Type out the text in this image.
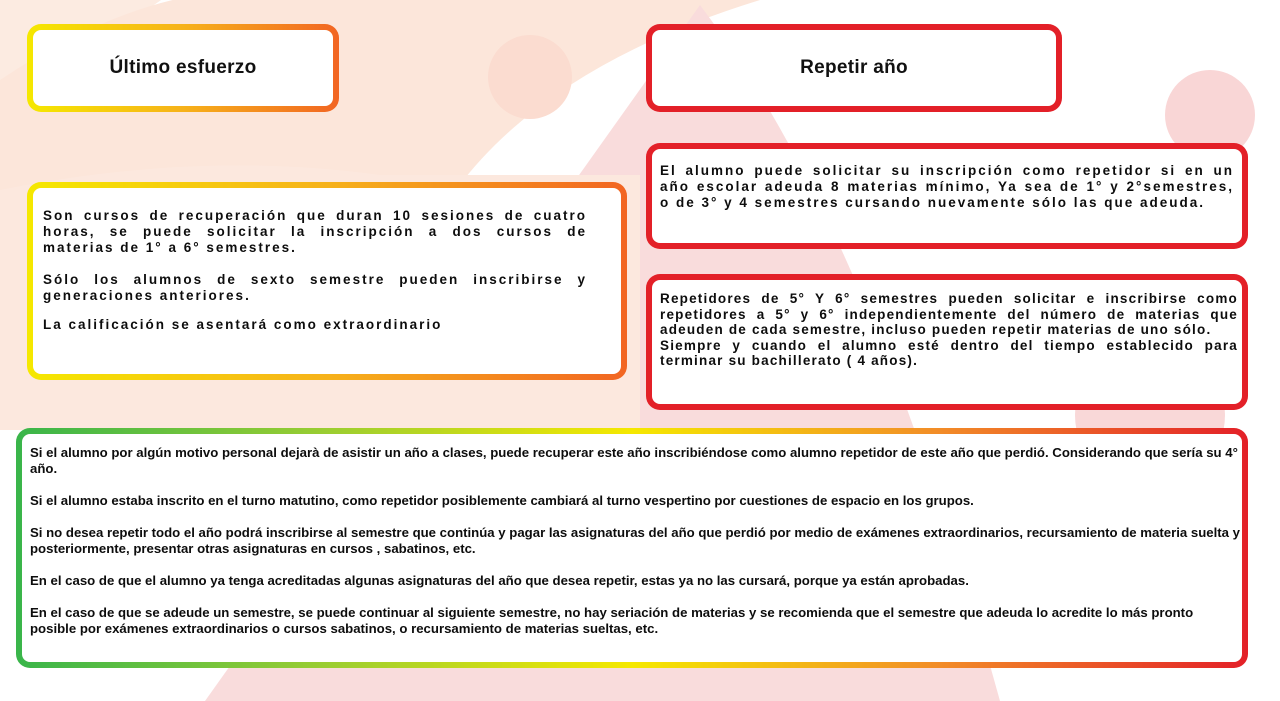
Último esfuerzo

Son cursos de recuperación que duran 10 sesiones de cuatro horas, se puede solicitar la inscripción a dos cursos de materias de 1° a 6° semestres.

Sólo los alumnos de sexto semestre pueden inscribirse y generaciones anteriores.

La calificación se asentará como extraordinario

Repetir año

El alumno puede solicitar su inscripción como repetidor si en un año escolar adeuda 8 materias mínimo, Ya sea de 1° y 2°semestres, o de 3° y 4 semestres cursando nuevamente sólo las que adeuda.

Repetidores de 5° Y 6° semestres pueden solicitar e inscribirse como repetidores a 5° y 6° independientemente del número de materias que adeuden de cada semestre, incluso pueden repetir materias de uno sólo.

Siempre y cuando el alumno esté dentro del tiempo establecido para terminar su bachillerato ( 4 años).

Si el alumno por algún motivo personal dejarà de asistir un año a clases, puede recuperar este año inscribiéndose como alumno repetidor de este año que perdió. Considerando que sería su 4° año.

Si el alumno estaba inscrito en el turno matutino, como repetidor posiblemente cambiará al turno vespertino por cuestiones de espacio en los grupos.

Si no desea repetir todo el año podrá inscribirse al semestre que continúa y pagar las asignaturas del año que perdió por medio de exámenes extraordinarios, recursamiento de materia suelta y posteriormente, presentar otras asignaturas en cursos , sabatinos, etc.

En el caso de que el alumno ya tenga acreditadas algunas asignaturas del año que desea repetir, estas ya no las cursará, porque ya están aprobadas.

En el caso de que se adeude un semestre, se puede continuar al siguiente semestre, no hay seriación de materias y se recomienda que el semestre que adeuda lo acredite lo más pronto posible por exámenes extraordinarios o cursos sabatinos, o recursamiento de materias sueltas, etc.
